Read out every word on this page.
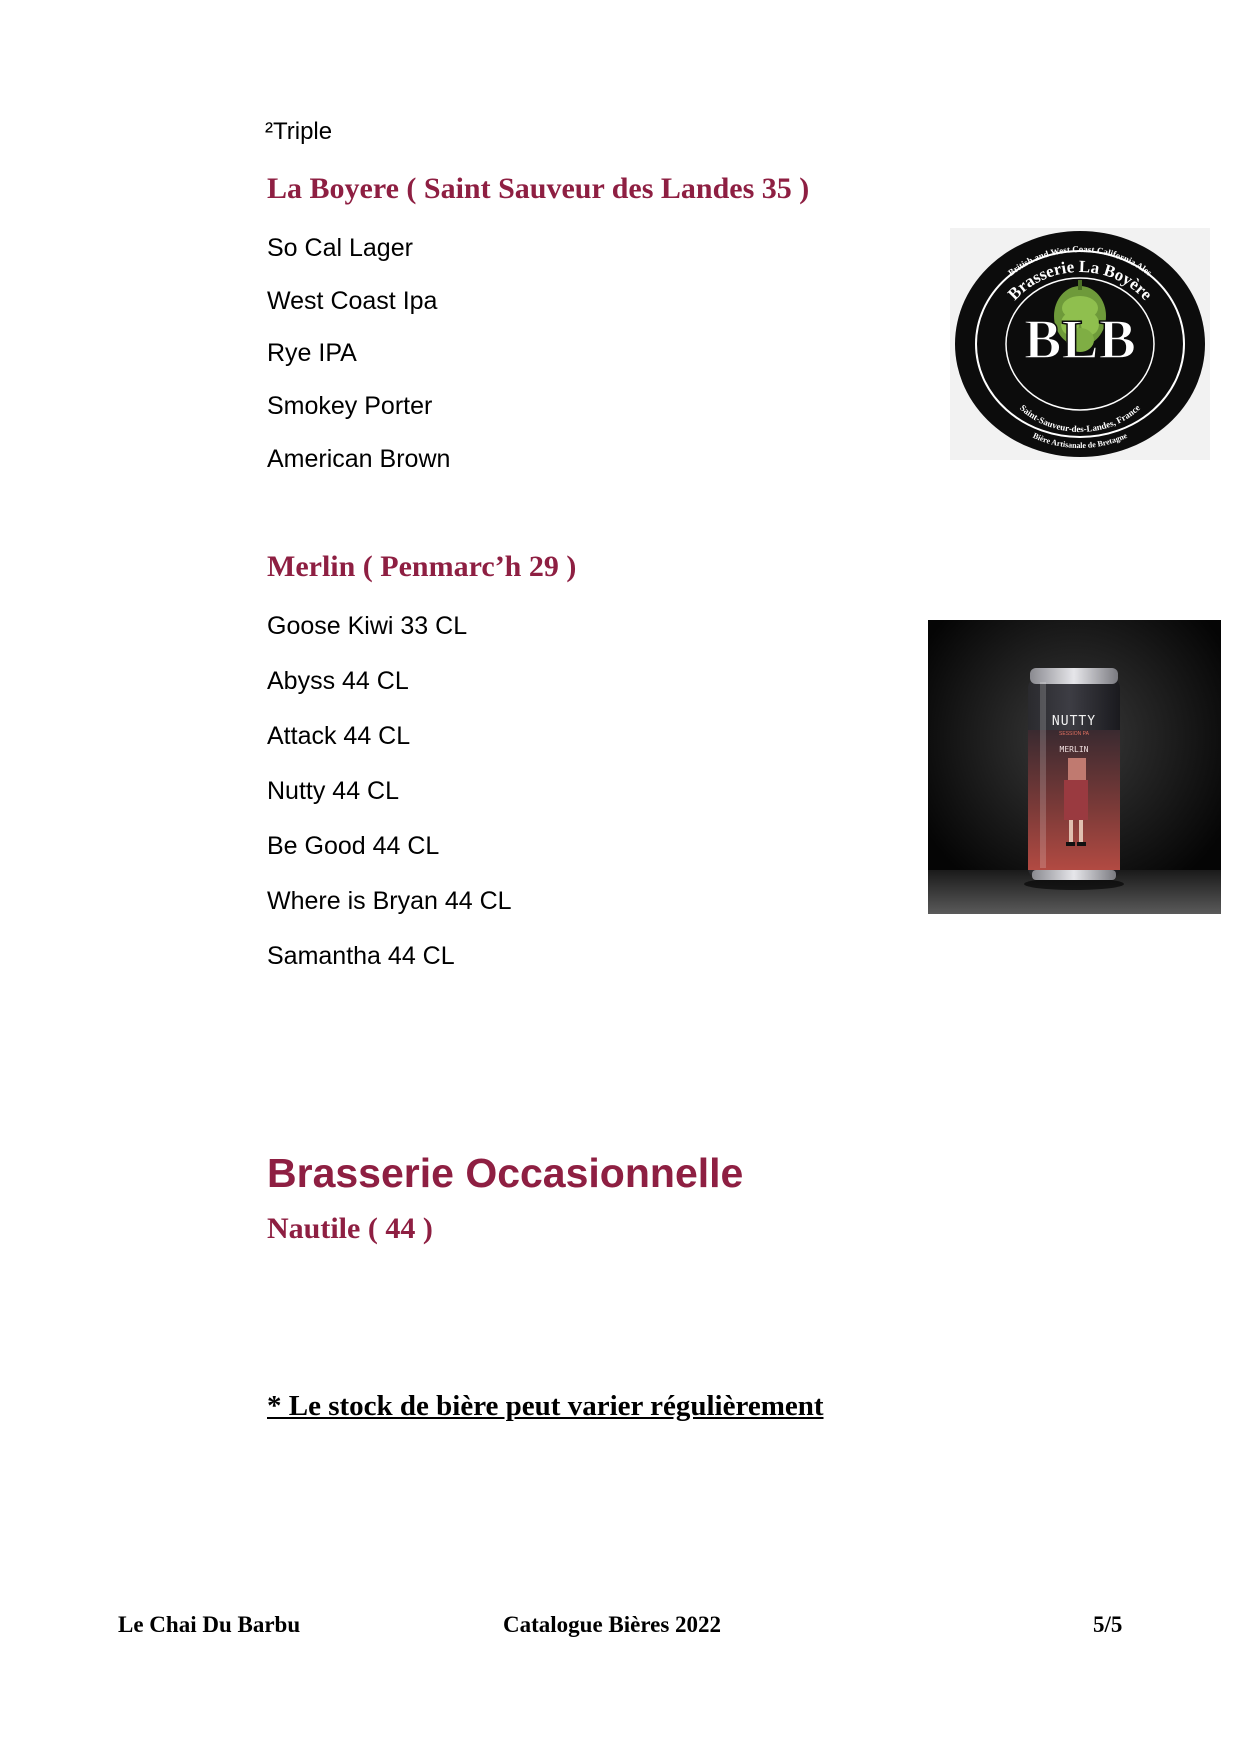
²Triple
La Boyere ( Saint Sauveur des Landes 35 )
So Cal Lager
West Coast Ipa
Rye IPA
Smokey Porter
American Brown
British and West Coast California Ales
Brasserie La Boyère
Saint-Sauveur-des-Landes, France
Bière Artisanale de Bretagne
BLB
Merlin ( Penmarc’h 29 )
Goose Kiwi 33 CL
Abyss 44 CL
Attack 44 CL
Nutty 44 CL
Be Good 44 CL
Where is Bryan 44 CL
Samantha 44 CL
NUTTY
SESSION PA
MERLIN
Brasserie Occasionnelle
Nautile ( 44 )
* Le stock de bière peut varier régulièrement
Le Chai Du Barbu	Catalogue Bières 2022	5/5
